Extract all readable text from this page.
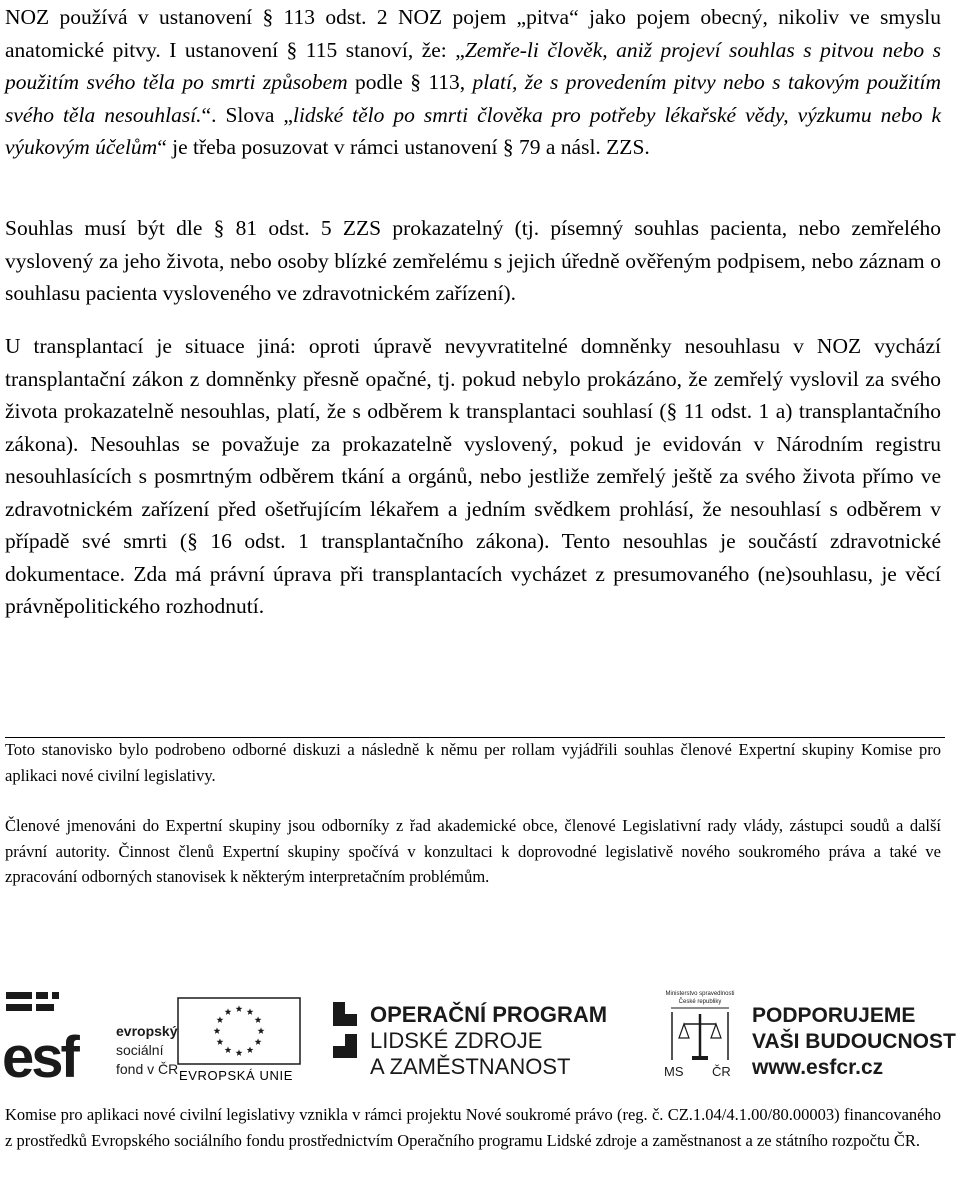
NOZ používá v ustanovení § 113 odst. 2 NOZ pojem „pitva“ jako pojem obecný, nikoliv ve smyslu anatomické pitvy. I ustanovení § 115 stanoví, že: „Zemře-li člověk, aniž projeví souhlas s pitvou nebo s použitím svého těla po smrti způsobem podle § 113, platí, že s provedením pitvy nebo s takovým použitím svého těla nesouhlasí.“. Slova „lidské tělo po smrti člověka pro potřeby lékařské vědy, výzkumu nebo k výukovým účelům“ je třeba posuzovat v rámci ustanovení § 79 a násl. ZZS.

Souhlas musí být dle § 81 odst. 5 ZZS prokazatelný (tj. písemný souhlas pacienta, nebo zemřelého vyslovený za jeho života, nebo osoby blízké zemřelému s jejich úředně ověřeným podpisem, nebo záznam o souhlasu pacienta vysloveného ve zdravotnickém zařízení).

U transplantací je situace jiná: oproti úpravě nevyvratitelné domněnky nesouhlasu v NOZ vychází transplantační zákon z domněnky přesně opačné, tj. pokud nebylo prokázáno, že zemřelý vyslovil za svého života prokazatelně nesouhlas, platí, že s odběrem k transplantaci souhlasí (§ 11 odst. 1 a) transplantačního zákona). Nesouhlas se považuje za prokazatelně vyslovený, pokud je evidován v Národním registru nesouhlasících s posmrtným odběrem tkání a orgánů, nebo jestliže zemřelý ještě za svého života přímo ve zdravotnickém zařízení před ošetřujícím lékařem a jedním svědkem prohlásí, že nesouhlasí s odběrem v případě své smrti (§ 16 odst. 1 transplantačního zákona). Tento nesouhlas je součástí zdravotnické dokumentace. Zda má právní úprava při transplantacích vycházet z presumovaného (ne)souhlasu, je věcí právněpolitického rozhodnutí.

Toto stanovisko bylo podrobeno odborné diskuzi a následně k němu per rollam vyjádřili souhlas členové Expertní skupiny Komise pro aplikaci nové civilní legislativy.

Členové jmenováni do Expertní skupiny jsou odborníky z řad akademické obce, členové Legislativní rady vlády, zástupci soudů a další právní autority. Činnost členů Expertní skupiny spočívá v konzultaci k doprovodné legislativě nového soukromého práva a také ve zpracování odborných stanovisek k některým interpretačním problémům.

esf	evropský
sociální
fond v ČR EVROPSKÁ UNIE
OPERAČNÍ PROGRAM
LIDSKÉ ZDROJE
A ZAMĚSTNANOST
Ministerstvo spravedlnosti
České republiky
MS ČR
PODPORUJEME
VAŠI BUDOUCNOST
www.esfcr.cz

Komise pro aplikaci nové civilní legislativy vznikla v rámci projektu Nové soukromé právo (reg. č. CZ.1.04/4.1.00/80.00003) financovaného z prostředků Evropského sociálního fondu prostřednictvím Operačního programu Lidské zdroje a zaměstnanost a ze státního rozpočtu ČR.
